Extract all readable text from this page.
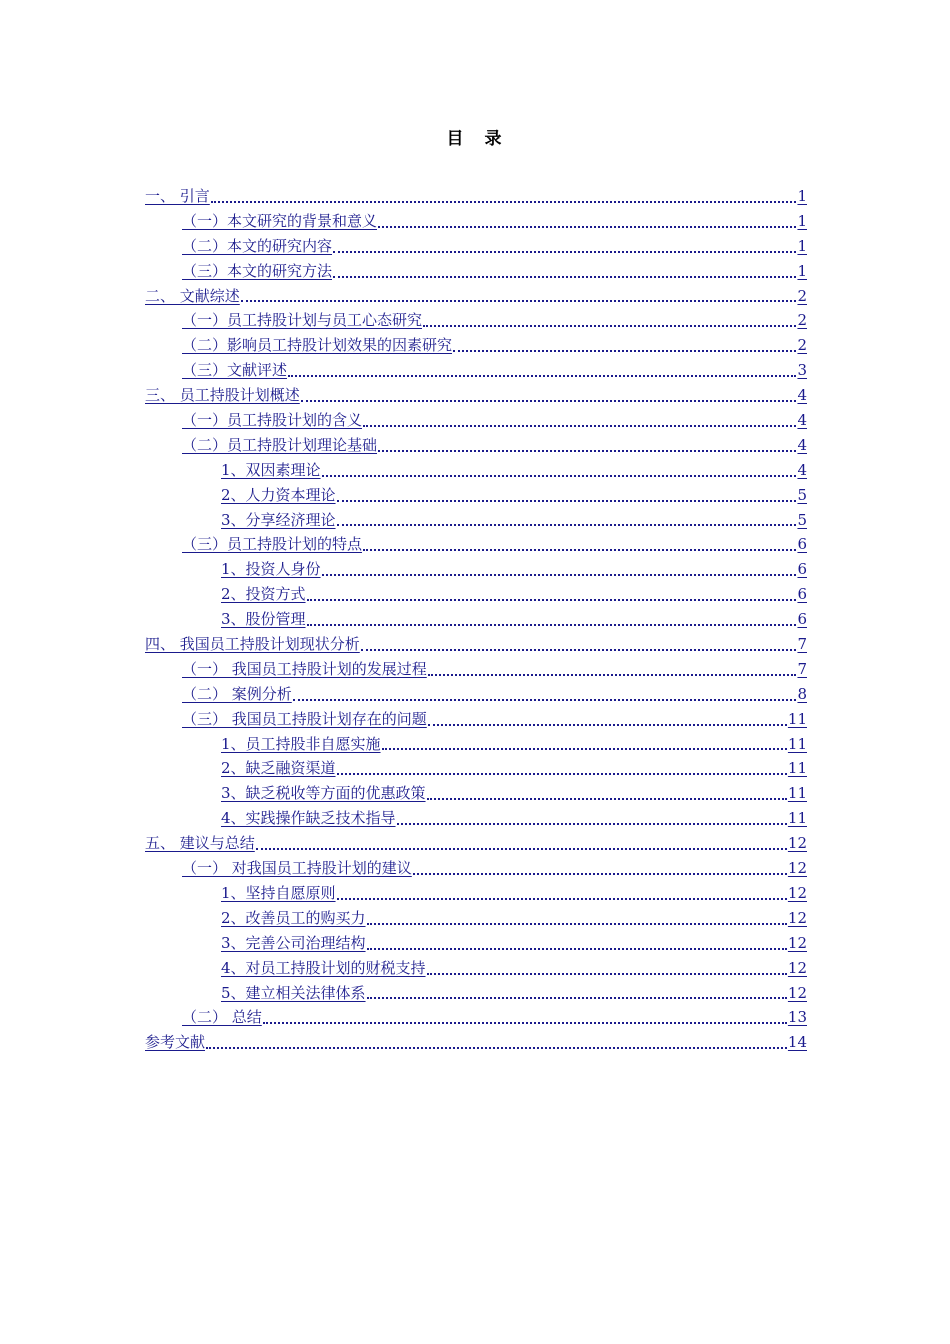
目　录
一、 引言	1
（一）本文研究的背景和意义	1
（二）本文的研究内容	1
（三）本文的研究方法	1
二、 文献综述	2
（一）员工持股计划与员工心态研究	2
（二）影响员工持股计划效果的因素研究	2
（三）文献评述	3
三、 员工持股计划概述	4
（一）员工持股计划的含义	4
（二）员工持股计划理论基础	4
1、双因素理论	4
2、人力资本理论	5
3、分享经济理论	5
（三）员工持股计划的特点	6
1、投资人身份	6
2、投资方式	6
3、股份管理	6
四、 我国员工持股计划现状分析	7
（一） 我国员工持股计划的发展过程	7
（二） 案例分析	8
（三） 我国员工持股计划存在的问题	11
1、员工持股非自愿实施	11
2、缺乏融资渠道	11
3、缺乏税收等方面的优惠政策	11
4、实践操作缺乏技术指导	11
五、 建议与总结	12
（一） 对我国员工持股计划的建议	12
1、坚持自愿原则	12
2、改善员工的购买力	12
3、完善公司治理结构	12
4、对员工持股计划的财税支持	12
5、建立相关法律体系	12
（二） 总结	13
参考文献	14
